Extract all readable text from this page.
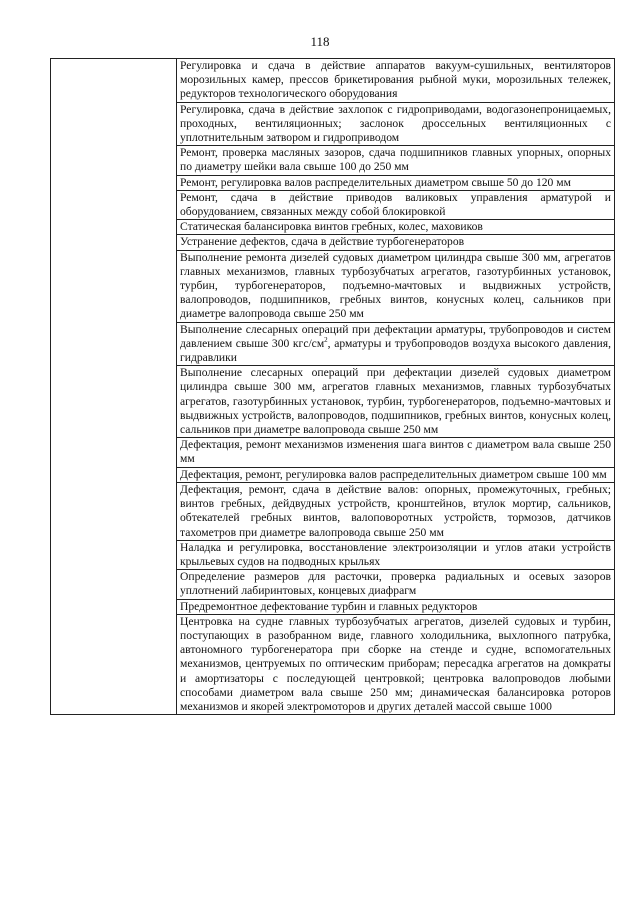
118
	Регулировка и сдача в действие аппаратов вакуум-сушильных, вентиляторов морозильных камер, прессов брикетирования рыбной муки, морозильных тележек, редукторов технологического оборудования
Регулировка, сдача в действие захлопок с гидроприводами, водогазонепроницаемых, проходных, вентиляционных; заслонок дроссельных вентиляционных с уплотнительным затвором и гидроприводом
Ремонт, проверка масляных зазоров, сдача подшипников главных упорных, опорных по диаметру шейки вала свыше 100 до 250 мм
Ремонт, регулировка валов распределительных диаметром свыше 50 до 120 мм
Ремонт, сдача в действие приводов валиковых управления арматурой и оборудованием, связанных между собой блокировкой
Статическая балансировка винтов гребных, колес, маховиков
Устранение дефектов, сдача в действие турбогенераторов
Выполнение ремонта дизелей судовых диаметром цилиндра свыше 300 мм, агрегатов главных механизмов, главных турбозубчатых агрегатов, газотурбинных установок, турбин, турбогенераторов, подъемно-мачтовых и выдвижных устройств, валопроводов, подшипников, гребных винтов, конусных колец, сальников при диаметре валопровода свыше 250 мм
Выполнение слесарных операций при дефектации арматуры, трубопроводов и систем давлением свыше 300 кгс/$см^2$, арматуры и трубопроводов воздуха высокого давления, гидравлики
Выполнение слесарных операций при дефектации дизелей судовых диаметром цилиндра свыше 300 мм, агрегатов главных механизмов, главных турбозубчатых агрегатов, газотурбинных установок, турбин, турбогенераторов, подъемно-мачтовых и выдвижных устройств, валопроводов, подшипников, гребных винтов, конусных колец, сальников при диаметре валопровода свыше 250 мм
Дефектация, ремонт механизмов изменения шага винтов с диаметром вала свыше 250 мм
Дефектация, ремонт, регулировка валов распределительных диаметром свыше 100 мм
Дефектация, ремонт, сдача в действие валов: опорных, промежуточных, гребных; винтов гребных, дейдвудных устройств, кронштейнов, втулок мортир, сальников, обтекателей гребных винтов, валоповоротных устройств, тормозов, датчиков тахометров при диаметре валопровода свыше 250 мм
Наладка и регулировка, восстановление электроизоляции и углов атаки устройств крыльевых судов на подводных крыльях
Определение размеров для расточки, проверка радиальных и осевых зазоров уплотнений лабиринтовых, концевых диафрагм
Предремонтное дефектование турбин и главных редукторов
Центровка на судне главных турбозубчатых агрегатов, дизелей судовых и турбин, поступающих в разобранном виде, главного холодильника, выхлопного патрубка, автономного турбогенератора при сборке на стенде и судне, вспомогательных механизмов, центруемых по оптическим приборам; пересадка агрегатов на домкраты и амортизаторы с последующей центровкой; центровка валопроводов любыми способами диаметром вала свыше 250 мм; динамическая балансировка роторов механизмов и якорей электромоторов и других деталей массой свыше 1000
